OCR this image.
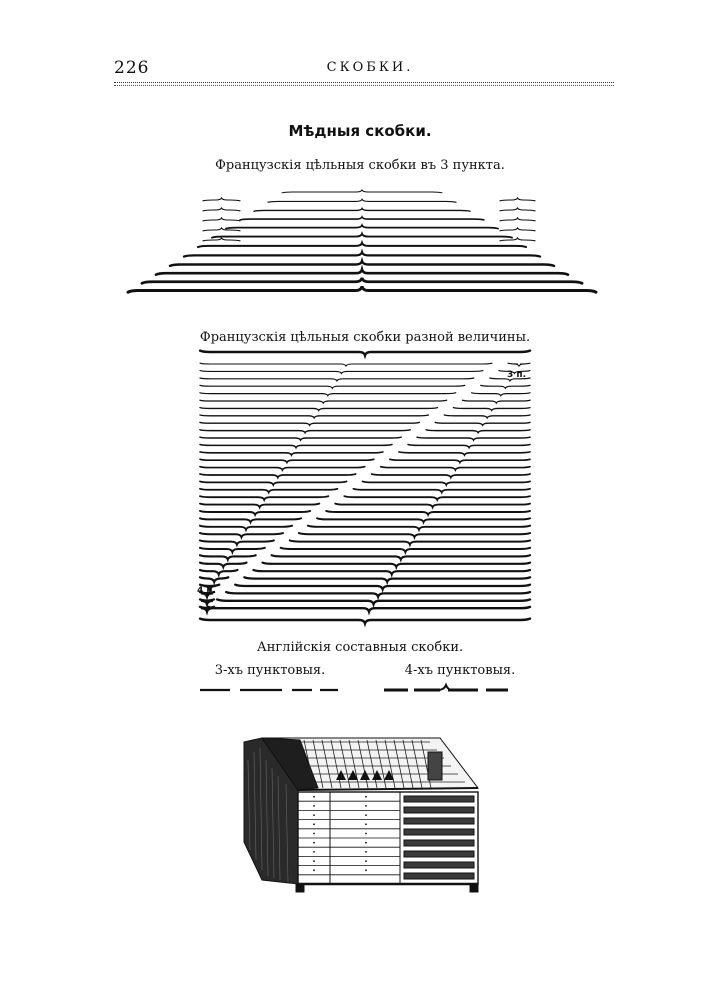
226	СКОБКИ.
Мѣдныя скобки.
Французскія цѣльныя скобки въ 3 пункта.
Французскія цѣльныя скобки разной величины.
3 п.
4 п.
Англійскія составныя скобки.
3-хъ пунктовыя.	4-хъ пунктовыя.
